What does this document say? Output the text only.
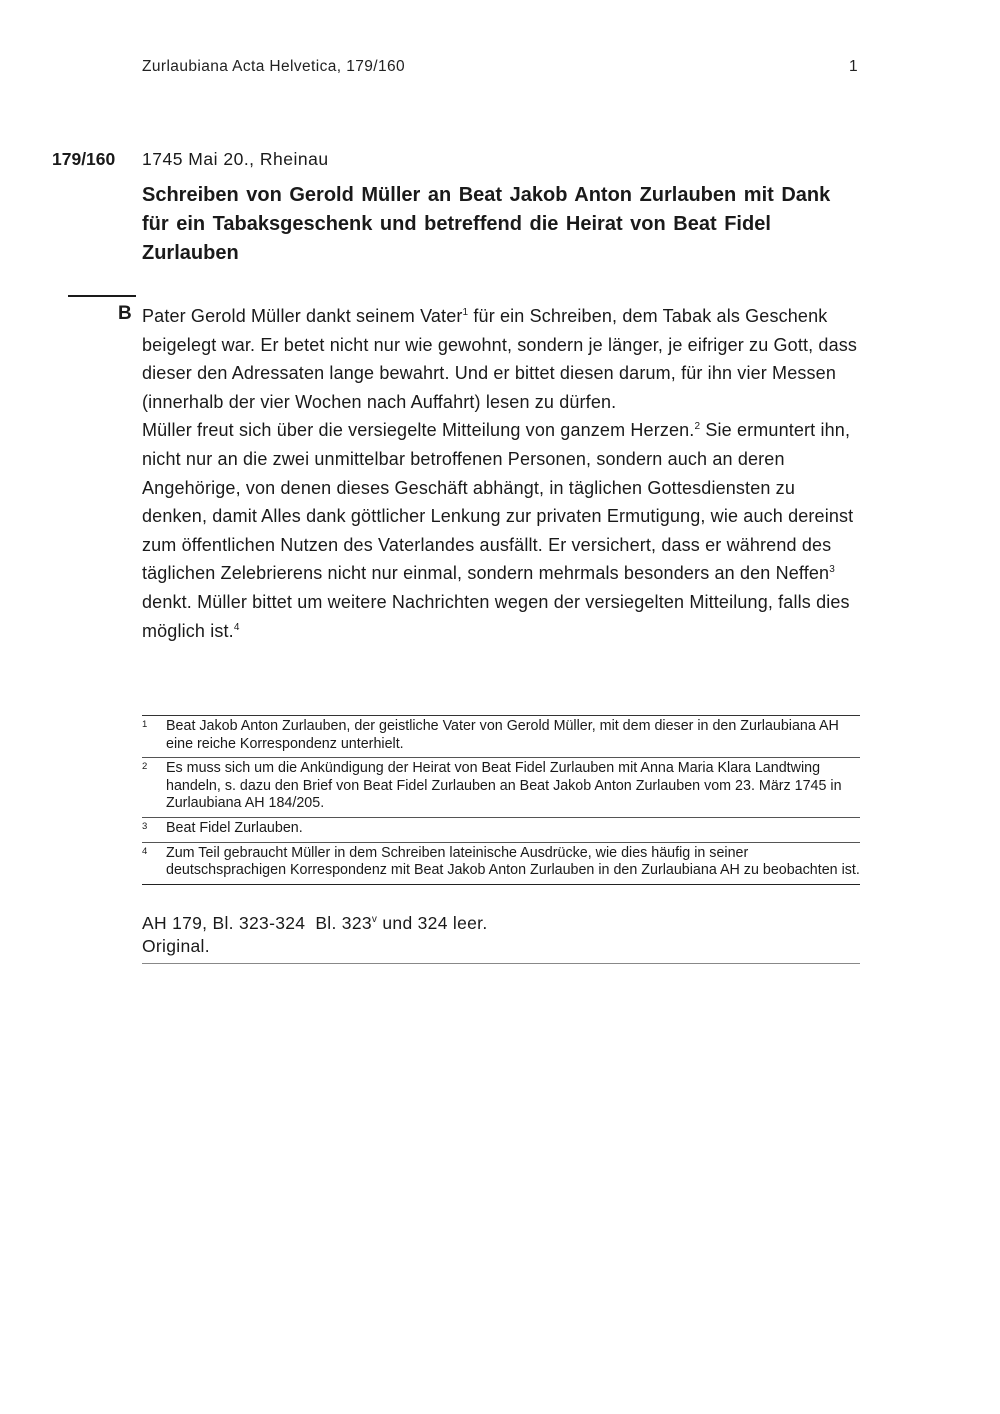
Zurlaubiana Acta Helvetica, 179/160	1
179/160 1745 Mai 20., Rheinau
Schreiben von Gerold Müller an Beat Jakob Anton Zurlauben mit Dank für ein Tabaksgeschenk und betreffend die Heirat von Beat Fidel Zurlauben
B Pater Gerold Müller dankt seinem Vater$^1$ für ein Schreiben, dem Tabak als Geschenk beigelegt war. Er betet nicht nur wie gewohnt, sondern je länger, je eifriger zu Gott, dass dieser den Adressaten lange bewahrt. Und er bittet diesen darum, für ihn vier Messen (innerhalb der vier Wochen nach Auffahrt) lesen zu dürfen.

Müller freut sich über die versiegelte Mitteilung von ganzem Herzen.$^2$ Sie ermuntert ihn, nicht nur an die zwei unmittelbar betroffenen Personen, sondern auch an deren Angehörige, von denen dieses Geschäft abhängt, in täglichen Gottesdiensten zu denken, damit Alles dank göttlicher Lenkung zur privaten Ermutigung, wie auch dereinst zum öffentlichen Nutzen des Vaterlandes ausfällt. Er versichert, dass er während des täglichen Zelebrierens nicht nur einmal, sondern mehrmals besonders an den Neffen$^3$ denkt. Müller bittet um weitere Nachrichten wegen der versiegelten Mitteilung, falls dies möglich ist.$^4$

1	Beat Jakob Anton Zurlauben, der geistliche Vater von Gerold Müller, mit dem dieser in den Zurlaubiana AH eine reiche Korrespondenz unterhielt.
2	Es muss sich um die Ankündigung der Heirat von Beat Fidel Zurlauben mit Anna Maria Klara Landtwing handeln, s. dazu den Brief von Beat Fidel Zurlauben an Beat Jakob Anton Zurlauben vom 23. März 1745 in Zurlaubiana AH 184/205.
3	Beat Fidel Zurlauben.
4	Zum Teil gebraucht Müller in dem Schreiben lateinische Ausdrücke, wie dies häufig in seiner deutschsprachigen Korrespondenz mit Beat Jakob Anton Zurlauben in den Zurlaubiana AH zu beobachten ist.
AH 179, Bl. 323-324 Bl. 323$^v$ und 324 leer.
Original.
